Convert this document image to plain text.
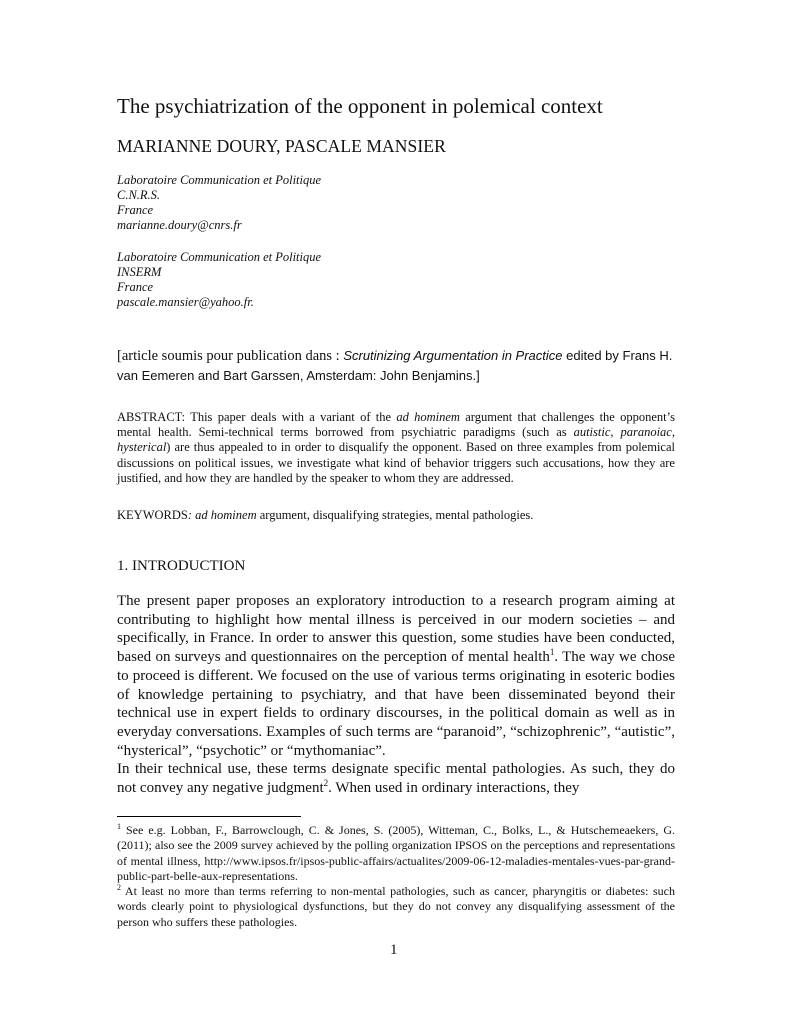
The psychiatrization of the opponent in polemical context
MARIANNE DOURY, PASCALE MANSIER
Laboratoire Communication et Politique
C.N.R.S.
France
marianne.doury@cnrs.fr
Laboratoire Communication et Politique
INSERM
France
pascale.mansier@yahoo.fr.
[article soumis pour publication dans : Scrutinizing Argumentation in Practice edited by Frans H. van Eemeren and Bart Garssen, Amsterdam: John Benjamins.]
ABSTRACT: This paper deals with a variant of the ad hominem argument that challenges the opponent’s mental health. Semi-technical terms borrowed from psychiatric paradigms (such as autistic, paranoiac, hysterical) are thus appealed to in order to disqualify the opponent. Based on three examples from polemical discussions on political issues, we investigate what kind of behavior triggers such accusations, how they are justified, and how they are handled by the speaker to whom they are addressed.
KEYWORDS: ad hominem argument, disqualifying strategies, mental pathologies.
1. INTRODUCTION

The present paper proposes an exploratory introduction to a research program aiming at contributing to highlight how mental illness is perceived in our modern societies – and specifically, in France. In order to answer this question, some studies have been conducted, based on surveys and questionnaires on the perception of mental health$^1$. The way we chose to proceed is different. We focused on the use of various terms originating in esoteric bodies of knowledge pertaining to psychiatry, and that have been disseminated beyond their technical use in expert fields to ordinary discourses, in the political domain as well as in everyday conversations. Examples of such terms are “paranoid”, “schizophrenic”, “autistic”, “hysterical”, “psychotic” or “mythomaniac”.

In their technical use, these terms designate specific mental pathologies. As such, they do not convey any negative judgment$^2$. When used in ordinary interactions, they

$^1$ See e.g. Lobban, F., Barrowclough, C. & Jones, S. (2005), Witteman, C., Bolks, L., & Hutschemeaekers, G. (2011); also see the 2009 survey achieved by the polling organization IPSOS on the perceptions and representations of mental illness, http://www.ipsos.fr/ipsos-public-affairs/actualites/2009-06-12-maladies-mentales-vues-par-grand-public-part-belle-aux-representations.

$^2$ At least no more than terms referring to non-mental pathologies, such as cancer, pharyngitis or diabetes: such words clearly point to physiological dysfunctions, but they do not convey any disqualifying assessment of the person who suffers these pathologies.

1
